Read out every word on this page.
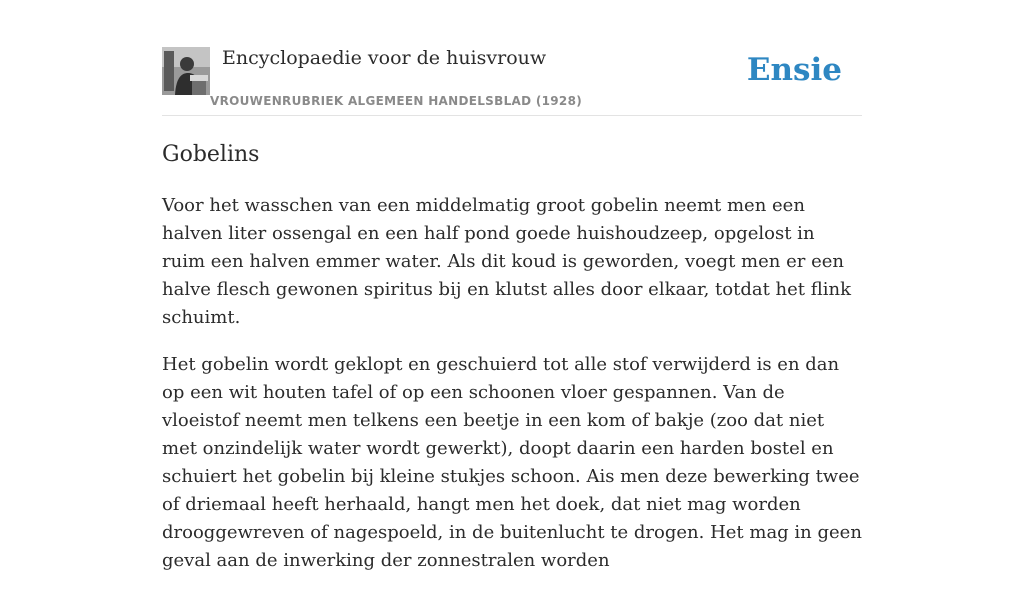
Encyclopaedie voor de huisvrouw
VROUWENRUBRIEK ALGEMEEN HANDELSBLAD (1928)
Ensie
Gobelins

Voor het wasschen van een middelmatig groot gobelin neemt men een halven liter ossengal en een half pond goede huishoudzeep, opgelost in ruim een halven emmer water. Als dit koud is geworden, voegt men er een halve flesch gewonen spiritus bij en klutst alles door elkaar, totdat het flink schuimt.

Het gobelin wordt geklopt en geschuierd tot alle stof verwijderd is en dan op een wit houten tafel of op een schoonen vloer gespannen. Van de vloeistof neemt men telkens een beetje in een kom of bakje (zoo dat niet met onzindelijk water wordt gewerkt), doopt daarin een harden bostel en schuiert het gobelin bij kleine stukjes schoon. Ais men deze bewerking twee of driemaal heeft herhaald, hangt men het doek, dat niet mag worden drooggewreven of nagespoeld, in de buitenlucht te drogen. Het mag in geen geval aan de inwerking der zonnestralen worden
